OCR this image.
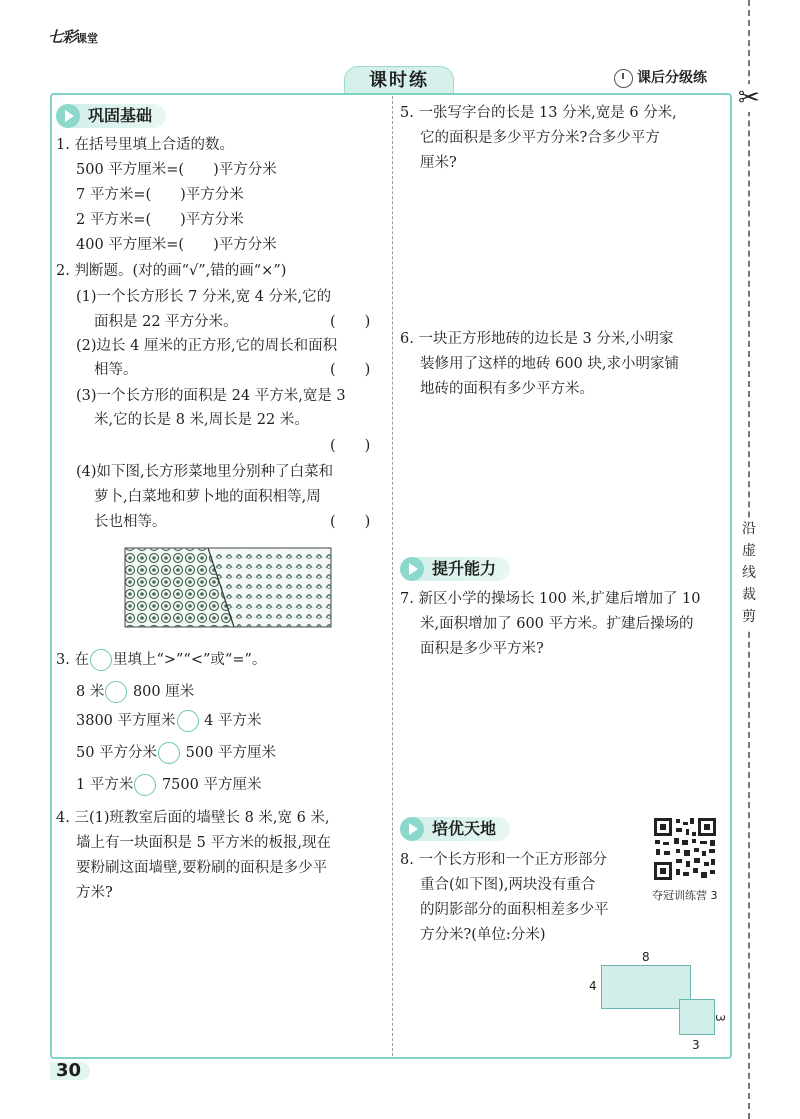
七彩课堂
课时练	课后分级练
✂
沿
虚
线
裁
剪
巩固基础
1. 在括号里填上合适的数。
500 平方厘米=(　　)平方分米
7 平方米=(　　)平方分米
2 平方米=(　　)平方分米
400 平方厘米=(　　)平方分米
2. 判断题。(对的画“√”,错的画“×”)
(1)一个长方形长 7 分米,宽 4 分米,它的
面积是 22 平方分米。	(　　)
(2)边长 4 厘米的正方形,它的周长和面积
相等。	(　　)
(3)一个长方形的面积是 24 平方米,宽是 3
米,它的长是 8 米,周长是 22 米。
(　　)
(4)如下图,长方形菜地里分别种了白菜和
萝卜,白菜地和萝卜地的面积相等,周
长也相等。	(　　)
3. 在 里填上“>”“<”或“=”。
8 米 800 厘米
3800 平方厘米 4 平方米
50 平方分米 500 平方厘米
1 平方米 7500 平方厘米
4. 三(1)班教室后面的墙壁长 8 米,宽 6 米,
墙上有一块面积是 5 平方米的板报,现在
要粉刷这面墙壁,要粉刷的面积是多少平
方米?
5. 一张写字台的长是 13 分米,宽是 6 分米,
它的面积是多少平方分米?合多少平方
厘米?
6. 一块正方形地砖的边长是 3 分米,小明家
装修用了这样的地砖 600 块,求小明家铺
地砖的面积有多少平方米。
提升能力
7. 新区小学的操场长 100 米,扩建后增加了 10
米,面积增加了 600 平方米。扩建后操场的
面积是多少平方米?
培优天地
8. 一个长方形和一个正方形部分
重合(如下图),两块没有重合
的阴影部分的面积相差多少平
方分米?(单位:分米)
夺冠训练营 3
8
4
3
3
30
